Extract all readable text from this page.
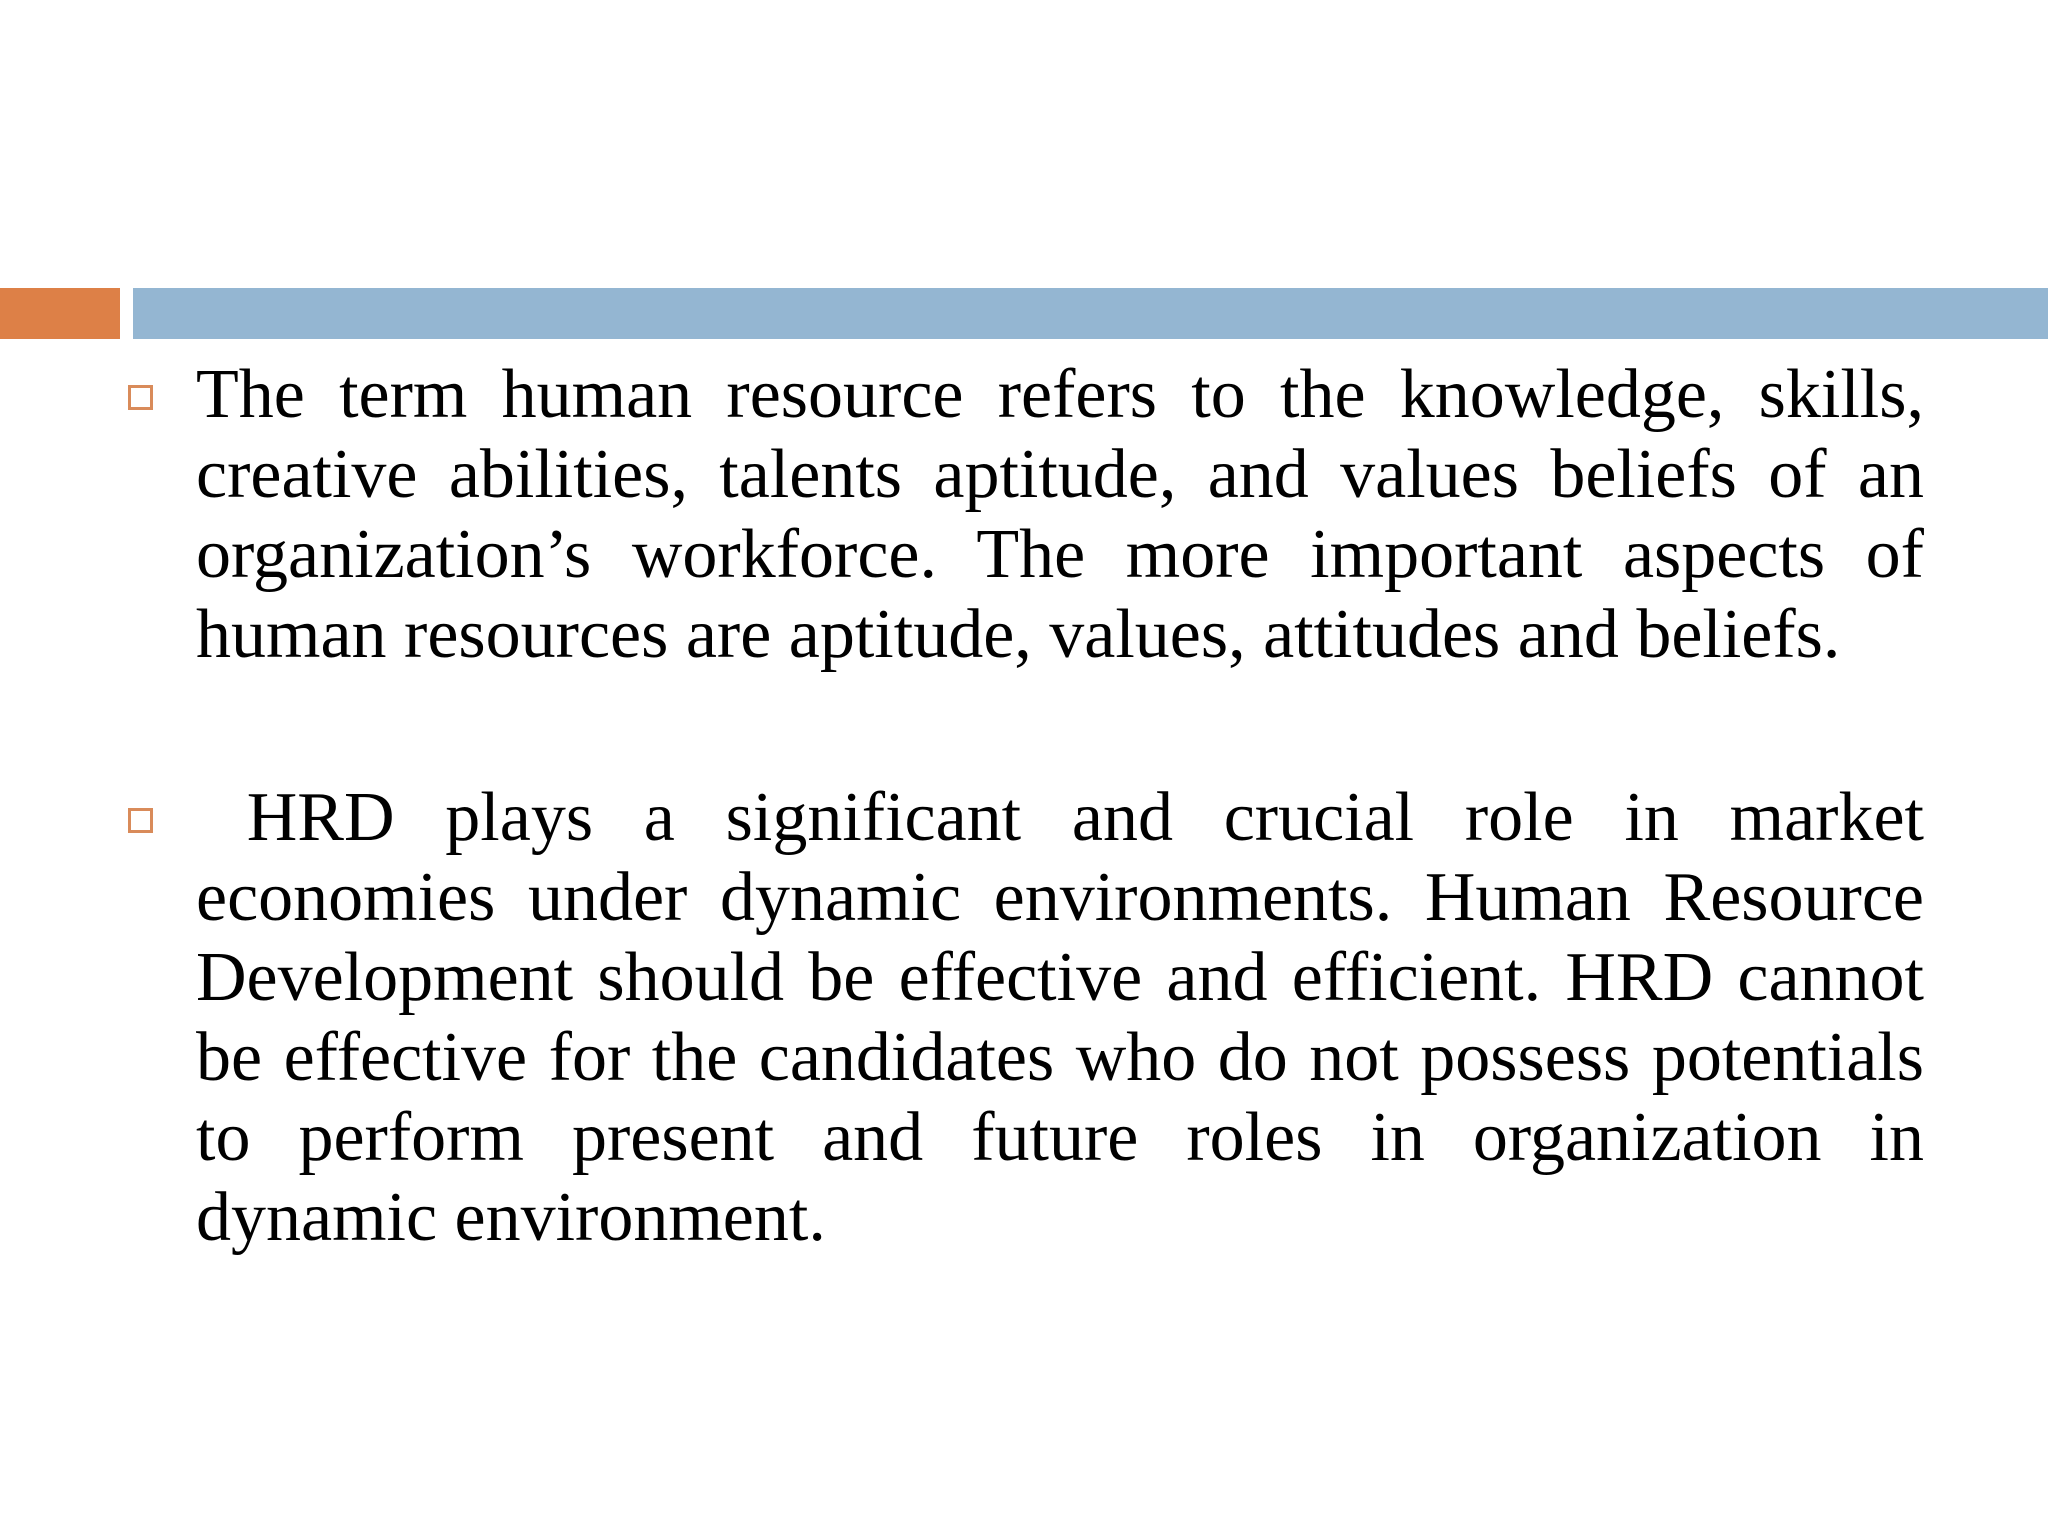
The term human resource refers to the knowledge, skills, creative abilities, talents aptitude, and values beliefs of an organization’s workforce. The more important aspects of human resources are aptitude, values, attitudes and beliefs.

HRD plays a significant and crucial role in market economies under dynamic environments. Human Resource Development should be effective and efficient. HRD cannot be effective for the candidates who do not possess potentials to perform present and future roles in organization in dynamic environment.
